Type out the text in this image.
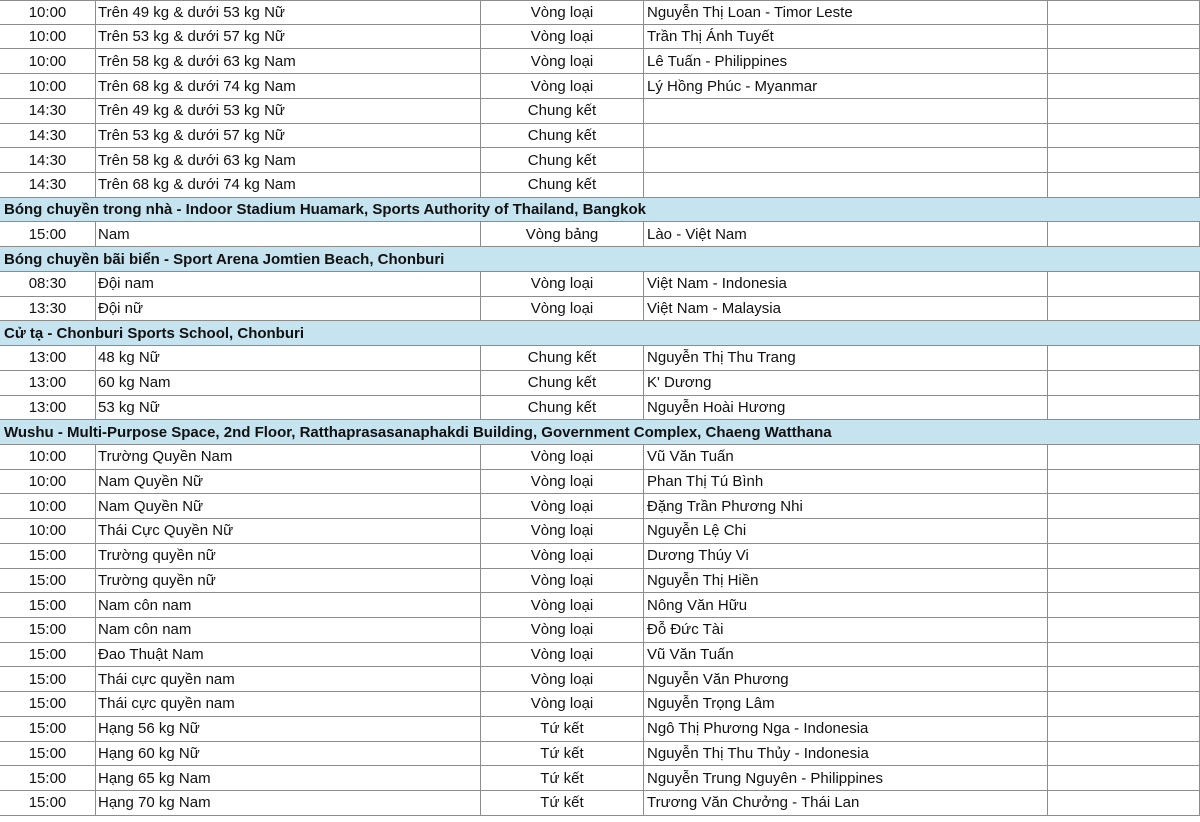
10:00	Trên 49 kg & dưới 53 kg Nữ	Vòng loại	Nguyễn Thị Loan - Timor Leste
10:00	Trên 53 kg & dưới 57 kg Nữ	Vòng loại	Trần Thị Ánh Tuyết
10:00	Trên 58 kg & dưới 63 kg Nam	Vòng loại	Lê Tuấn - Philippines
10:00	Trên 68 kg & dưới 74 kg Nam	Vòng loại	Lý Hồng Phúc - Myanmar
14:30	Trên 49 kg & dưới 53 kg Nữ	Chung kết
14:30	Trên 53 kg & dưới 57 kg Nữ	Chung kết
14:30	Trên 58 kg & dưới 63 kg Nam	Chung kết
14:30	Trên 68 kg & dưới 74 kg Nam	Chung kết
Bóng chuyền trong nhà - Indoor Stadium Huamark, Sports Authority of Thailand, Bangkok
15:00	Nam	Vòng bảng	Lào - Việt Nam
Bóng chuyền bãi biển - Sport Arena Jomtien Beach, Chonburi
08:30	Đội nam	Vòng loại	Việt Nam - Indonesia
13:30	Đội nữ	Vòng loại	Việt Nam - Malaysia
Cử tạ - Chonburi Sports School, Chonburi
13:00	48 kg Nữ	Chung kết	Nguyễn Thị Thu Trang
13:00	60 kg Nam	Chung kết	K' Dương
13:00	53 kg Nữ	Chung kết	Nguyễn Hoài Hương
Wushu - Multi-Purpose Space, 2nd Floor, Ratthaprasasanaphakdi Building, Government Complex, Chaeng Watthana
10:00	Trường Quyền Nam	Vòng loại	Vũ Văn Tuấn
10:00	Nam Quyền Nữ	Vòng loại	Phan Thị Tú Bình
10:00	Nam Quyền Nữ	Vòng loại	Đặng Trần Phương Nhi
10:00	Thái Cực Quyền Nữ	Vòng loại	Nguyễn Lệ Chi
15:00	Trường quyền nữ	Vòng loại	Dương Thúy Vi
15:00	Trường quyền nữ	Vòng loại	Nguyễn Thị Hiền
15:00	Nam côn nam	Vòng loại	Nông Văn Hữu
15:00	Nam côn nam	Vòng loại	Đỗ Đức Tài
15:00	Đao Thuật Nam	Vòng loại	Vũ Văn Tuấn
15:00	Thái cực quyền nam	Vòng loại	Nguyễn Văn Phương
15:00	Thái cực quyền nam	Vòng loại	Nguyễn Trọng Lâm
15:00	Hạng 56 kg Nữ	Tứ kết	Ngô Thị Phương Nga - Indonesia
15:00	Hạng 60 kg Nữ	Tứ kết	Nguyễn Thị Thu Thủy - Indonesia
15:00	Hạng 65 kg Nam	Tứ kết	Nguyễn Trung Nguyên - Philippines
15:00	Hạng 70 kg Nam	Tứ kết	Trương Văn Chưởng - Thái Lan
